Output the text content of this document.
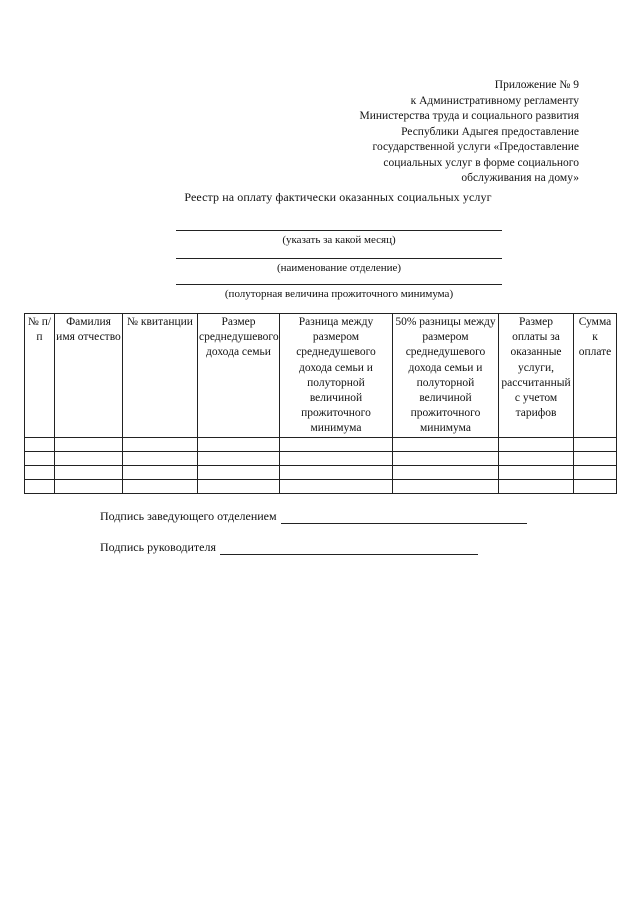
Приложение № 9
к Административному регламенту
Министерства труда и социального развития
Республики Адыгея предоставление
государственной услуги «Предоставление
социальных услуг в форме социального
обслуживания на дому»
Реестр на оплату фактически оказанных социальных услуг
(указать за какой месяц)
(наименование отделение)
(полуторная величина прожиточного минимума)
№ п/п	Фамилия имя отчество	№ квитанции	Размер среднедушевого дохода семьи	Разница между размером среднедушевого дохода семьи и полуторной величиной прожиточного минимума	50% разницы между размером среднедушевого дохода семьи и полуторной величиной прожиточного минимума	Размер оплаты за оказанные услуги, рассчитанный с учетом тарифов	Сумма к оплате

Подпись заведующего отделением
Подпись руководителя
